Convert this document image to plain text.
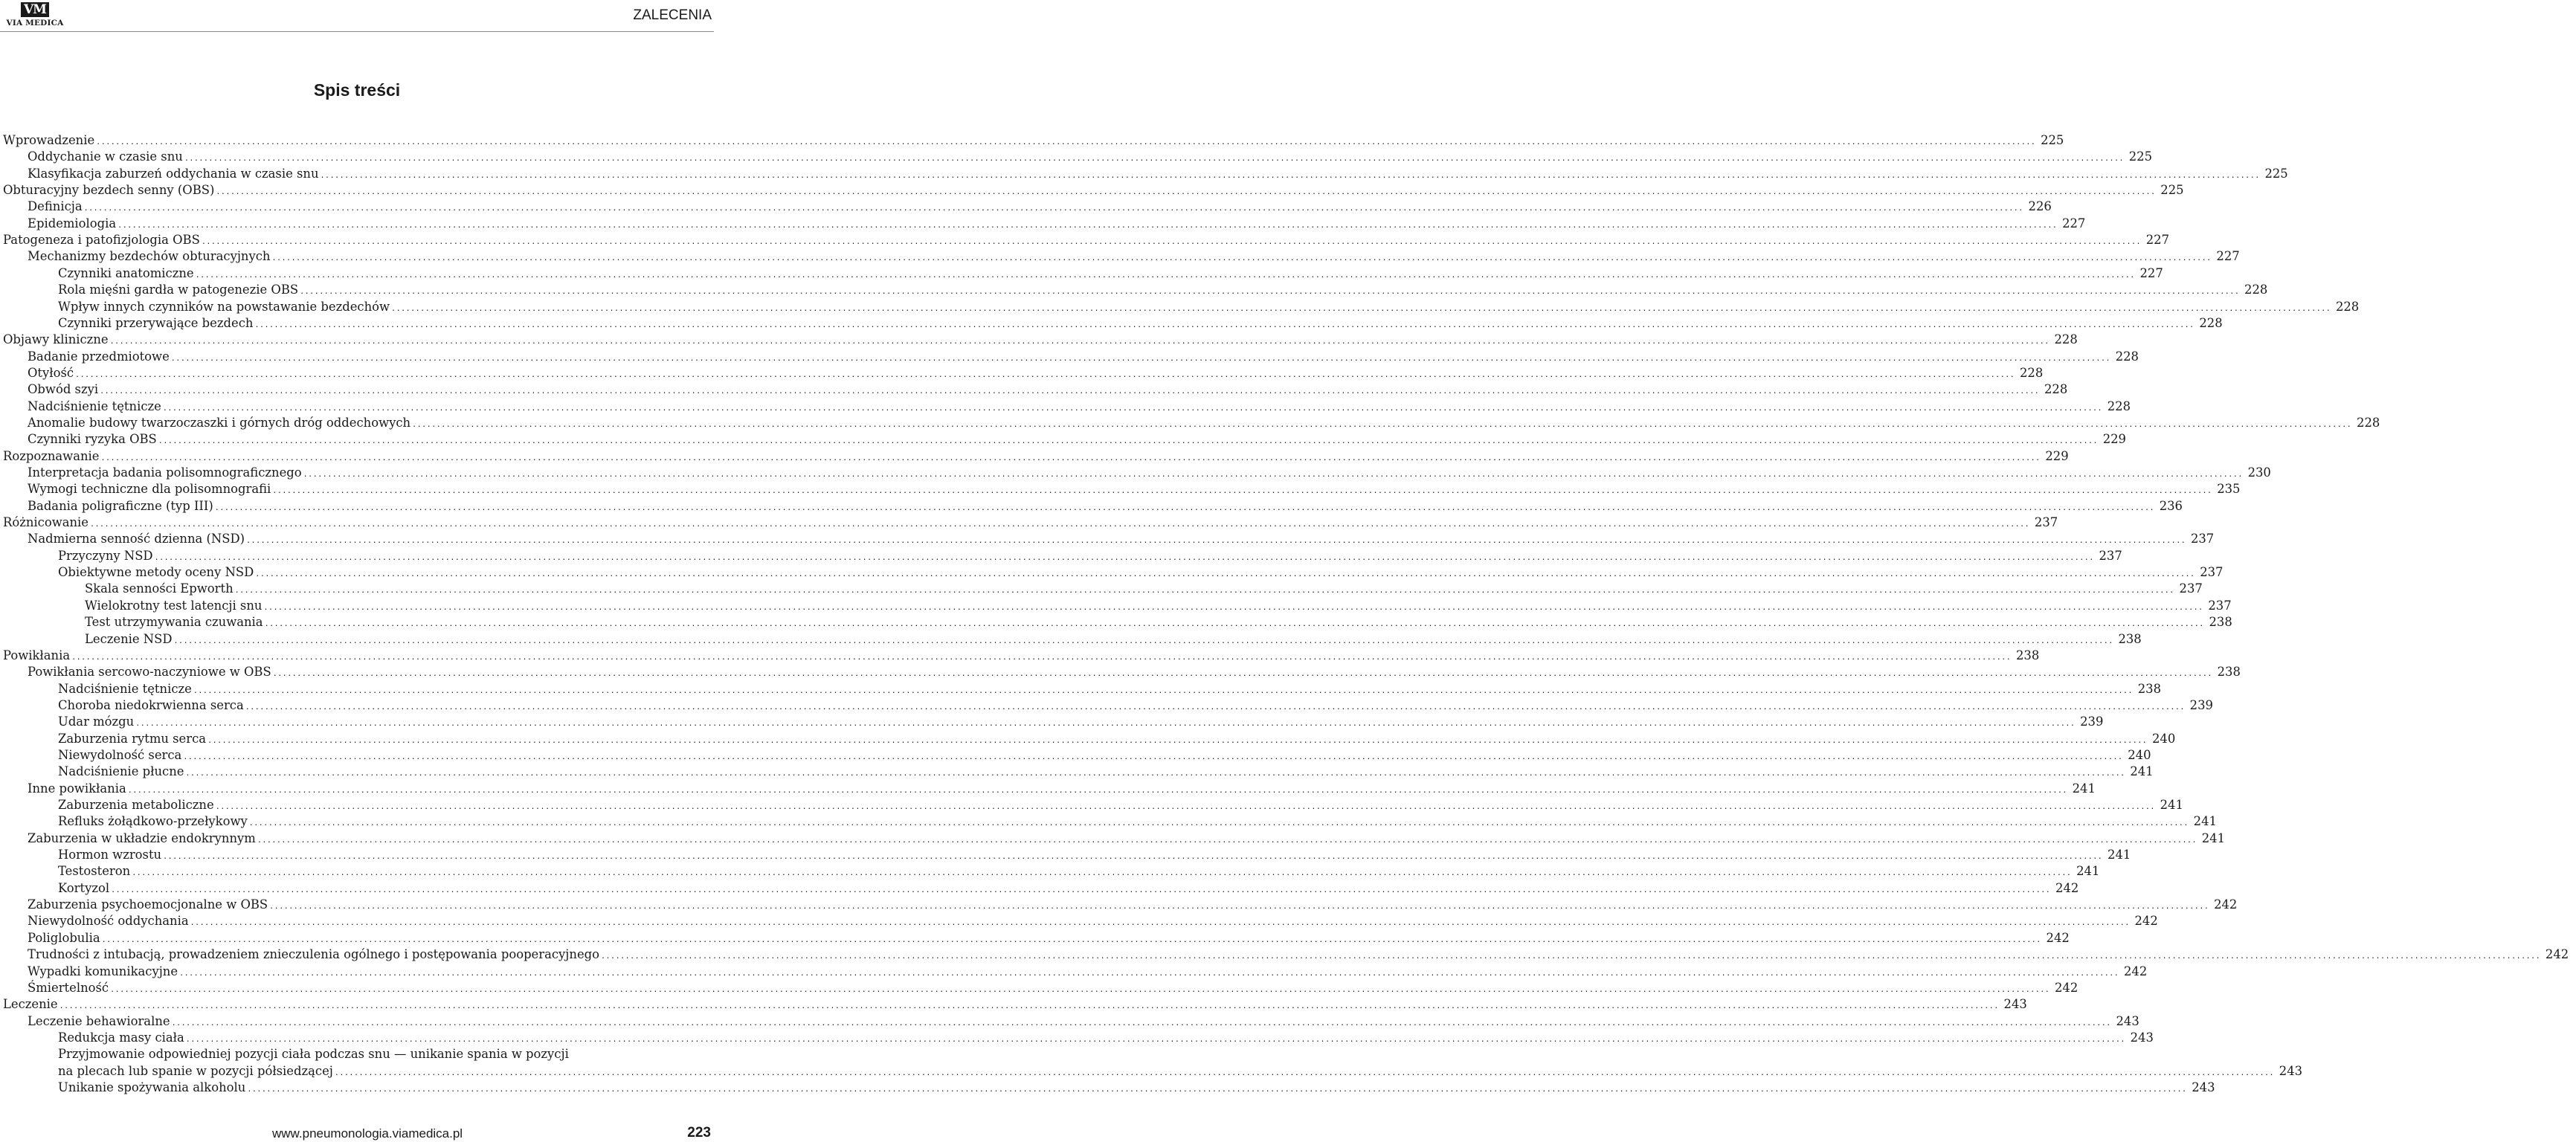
VM
VIA MEDICA	ZALECENIA
Spis treści
Wprowadzenie ................................................................................................................................................................................................................................................................................................................................................................................................................ 225
Oddychanie w czasie snu ................................................................................................................................................................................................................................................................................................................................................................................................................ 225
Klasyfikacja zaburzeń oddychania w czasie snu ................................................................................................................................................................................................................................................................................................................................................................................................................ 225
Obturacyjny bezdech senny (OBS) ................................................................................................................................................................................................................................................................................................................................................................................................................ 225
Definicja ................................................................................................................................................................................................................................................................................................................................................................................................................ 226
Epidemiologia ................................................................................................................................................................................................................................................................................................................................................................................................................ 227
Patogeneza i patofizjologia OBS ................................................................................................................................................................................................................................................................................................................................................................................................................ 227
Mechanizmy bezdechów obturacyjnych ................................................................................................................................................................................................................................................................................................................................................................................................................ 227
Czynniki anatomiczne ................................................................................................................................................................................................................................................................................................................................................................................................................ 227
Rola mięśni gardła w patogenezie OBS ................................................................................................................................................................................................................................................................................................................................................................................................................ 228
Wpływ innych czynników na powstawanie bezdechów ................................................................................................................................................................................................................................................................................................................................................................................................................ 228
Czynniki przerywające bezdech ................................................................................................................................................................................................................................................................................................................................................................................................................ 228
Objawy kliniczne ................................................................................................................................................................................................................................................................................................................................................................................................................ 228
Badanie przedmiotowe ................................................................................................................................................................................................................................................................................................................................................................................................................ 228
Otyłość ................................................................................................................................................................................................................................................................................................................................................................................................................ 228
Obwód szyi ................................................................................................................................................................................................................................................................................................................................................................................................................ 228
Nadciśnienie tętnicze ................................................................................................................................................................................................................................................................................................................................................................................................................ 228
Anomalie budowy twarzoczaszki i górnych dróg oddechowych ................................................................................................................................................................................................................................................................................................................................................................................................................ 228
Czynniki ryzyka OBS ................................................................................................................................................................................................................................................................................................................................................................................................................ 229
Rozpoznawanie ................................................................................................................................................................................................................................................................................................................................................................................................................ 229
Interpretacja badania polisomnograficznego ................................................................................................................................................................................................................................................................................................................................................................................................................ 230
Wymogi techniczne dla polisomnografii ................................................................................................................................................................................................................................................................................................................................................................................................................ 235
Badania poligraficzne (typ III) ................................................................................................................................................................................................................................................................................................................................................................................................................ 236
Różnicowanie ................................................................................................................................................................................................................................................................................................................................................................................................................ 237
Nadmierna senność dzienna (NSD) ................................................................................................................................................................................................................................................................................................................................................................................................................ 237
Przyczyny NSD ................................................................................................................................................................................................................................................................................................................................................................................................................ 237
Obiektywne metody oceny NSD ................................................................................................................................................................................................................................................................................................................................................................................................................ 237
Skala senności Epworth ................................................................................................................................................................................................................................................................................................................................................................................................................ 237
Wielokrotny test latencji snu ................................................................................................................................................................................................................................................................................................................................................................................................................ 237
Test utrzymywania czuwania ................................................................................................................................................................................................................................................................................................................................................................................................................ 238
Leczenie NSD ................................................................................................................................................................................................................................................................................................................................................................................................................ 238
Powikłania ................................................................................................................................................................................................................................................................................................................................................................................................................ 238
Powikłania sercowo-naczyniowe w OBS ................................................................................................................................................................................................................................................................................................................................................................................................................ 238
Nadciśnienie tętnicze ................................................................................................................................................................................................................................................................................................................................................................................................................ 238
Choroba niedokrwienna serca ................................................................................................................................................................................................................................................................................................................................................................................................................ 239
Udar mózgu ................................................................................................................................................................................................................................................................................................................................................................................................................ 239
Zaburzenia rytmu serca ................................................................................................................................................................................................................................................................................................................................................................................................................ 240
Niewydolność serca ................................................................................................................................................................................................................................................................................................................................................................................................................ 240
Nadciśnienie płucne ................................................................................................................................................................................................................................................................................................................................................................................................................ 241
Inne powikłania ................................................................................................................................................................................................................................................................................................................................................................................................................ 241
Zaburzenia metaboliczne ................................................................................................................................................................................................................................................................................................................................................................................................................ 241
Refluks żołądkowo-przełykowy ................................................................................................................................................................................................................................................................................................................................................................................................................ 241
Zaburzenia w układzie endokrynnym ................................................................................................................................................................................................................................................................................................................................................................................................................ 241
Hormon wzrostu ................................................................................................................................................................................................................................................................................................................................................................................................................ 241
Testosteron ................................................................................................................................................................................................................................................................................................................................................................................................................ 241
Kortyzol ................................................................................................................................................................................................................................................................................................................................................................................................................ 242
Zaburzenia psychoemocjonalne w OBS ................................................................................................................................................................................................................................................................................................................................................................................................................ 242
Niewydolność oddychania ................................................................................................................................................................................................................................................................................................................................................................................................................ 242
Poliglobulia ................................................................................................................................................................................................................................................................................................................................................................................................................ 242
Trudności z intubacją, prowadzeniem znieczulenia ogólnego i postępowania pooperacyjnego ................................................................................................................................................................................................................................................................................................................................................................................................................ 242
Wypadki komunikacyjne ................................................................................................................................................................................................................................................................................................................................................................................................................ 242
Śmiertelność ................................................................................................................................................................................................................................................................................................................................................................................................................ 242
Leczenie ................................................................................................................................................................................................................................................................................................................................................................................................................ 243
Leczenie behawioralne ................................................................................................................................................................................................................................................................................................................................................................................................................ 243
Redukcja masy ciała ................................................................................................................................................................................................................................................................................................................................................................................................................ 243
Przyjmowanie odpowiedniej pozycji ciała podczas snu — unikanie spania w pozycji
na plecach lub spanie w pozycji półsiedzącej ................................................................................................................................................................................................................................................................................................................................................................................................................ 243
Unikanie spożywania alkoholu ................................................................................................................................................................................................................................................................................................................................................................................................................ 243
www.pneumonologia.viamedica.pl	223
